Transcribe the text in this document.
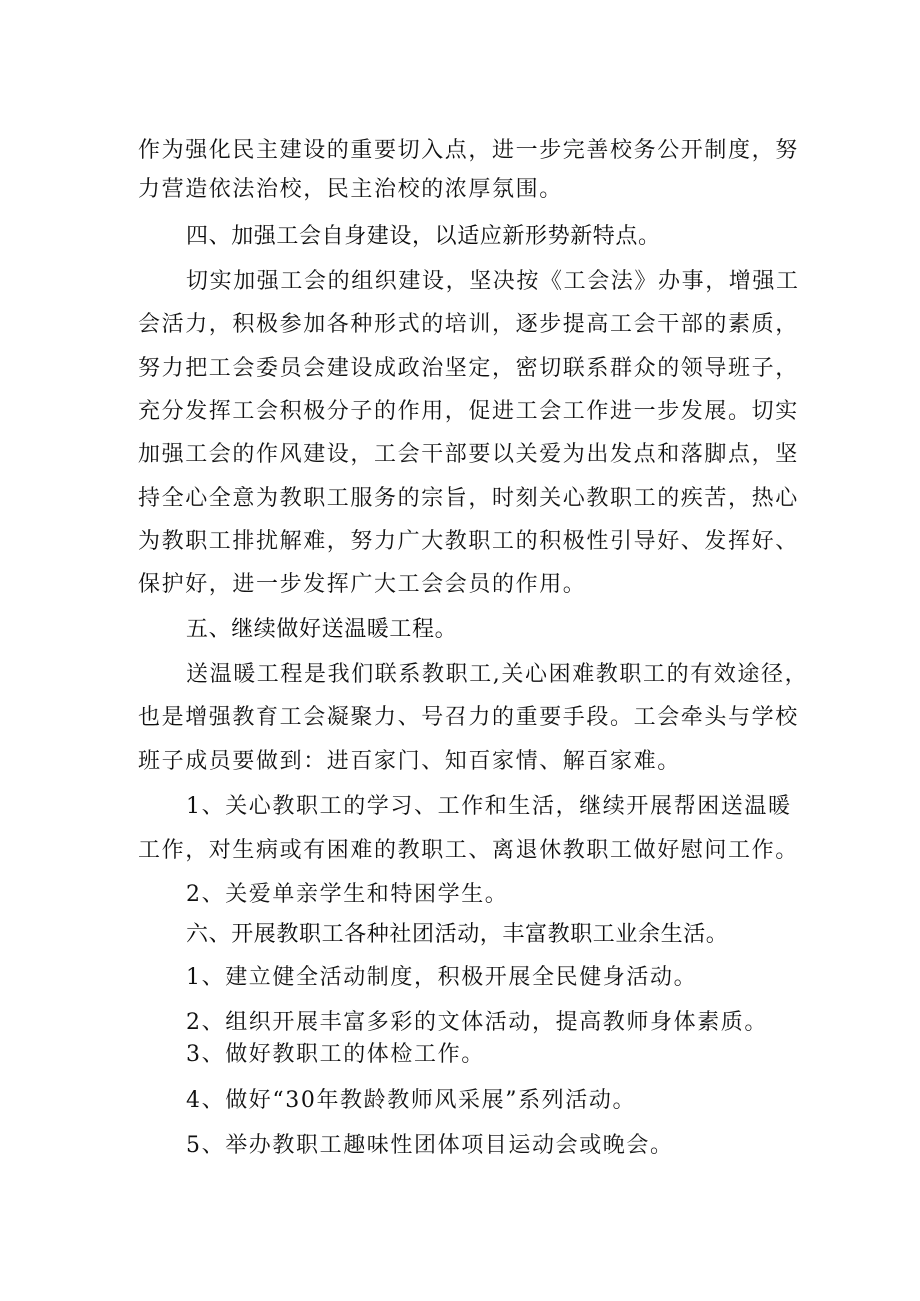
作为强化民主建设的重要切入点，进一步完善校务公开制度，努
力营造依法治校，民主治校的浓厚氛围。
四、加强工会自身建设，以适应新形势新特点。
切实加强工会的组织建设，坚决按《工会法》办事，增强工
会活力，积极参加各种形式的培训，逐步提高工会干部的素质，
努力把工会委员会建设成政治坚定，密切联系群众的领导班子，
充分发挥工会积极分子的作用，促进工会工作进一步发展。切实
加强工会的作风建设，工会干部要以关爱为出发点和落脚点，坚
持全心全意为教职工服务的宗旨，时刻关心教职工的疾苦，热心
为教职工排扰解难，努力广大教职工的积极性引导好、发挥好、
保护好，进一步发挥广大工会会员的作用。
五、继续做好送温暖工程。
送温暖工程是我们联系教职工,关心困难教职工的有效途径，
也是增强教育工会凝聚力、号召力的重要手段。工会牵头与学校
班子成员要做到：进百家门、知百家情、解百家难。
1、关心教职工的学习、工作和生活，继续开展帮困送温暖
工作，对生病或有困难的教职工、离退休教职工做好慰问工作。
2、关爱单亲学生和特困学生。
六、开展教职工各种社团活动，丰富教职工业余生活。
1、建立健全活动制度，积极开展全民健身活动。
2、组织开展丰富多彩的文体活动，提高教师身体素质。
3、做好教职工的体检工作。
4、做好“30年教龄教师风采展”系列活动。
5、举办教职工趣味性团体项目运动会或晚会。
